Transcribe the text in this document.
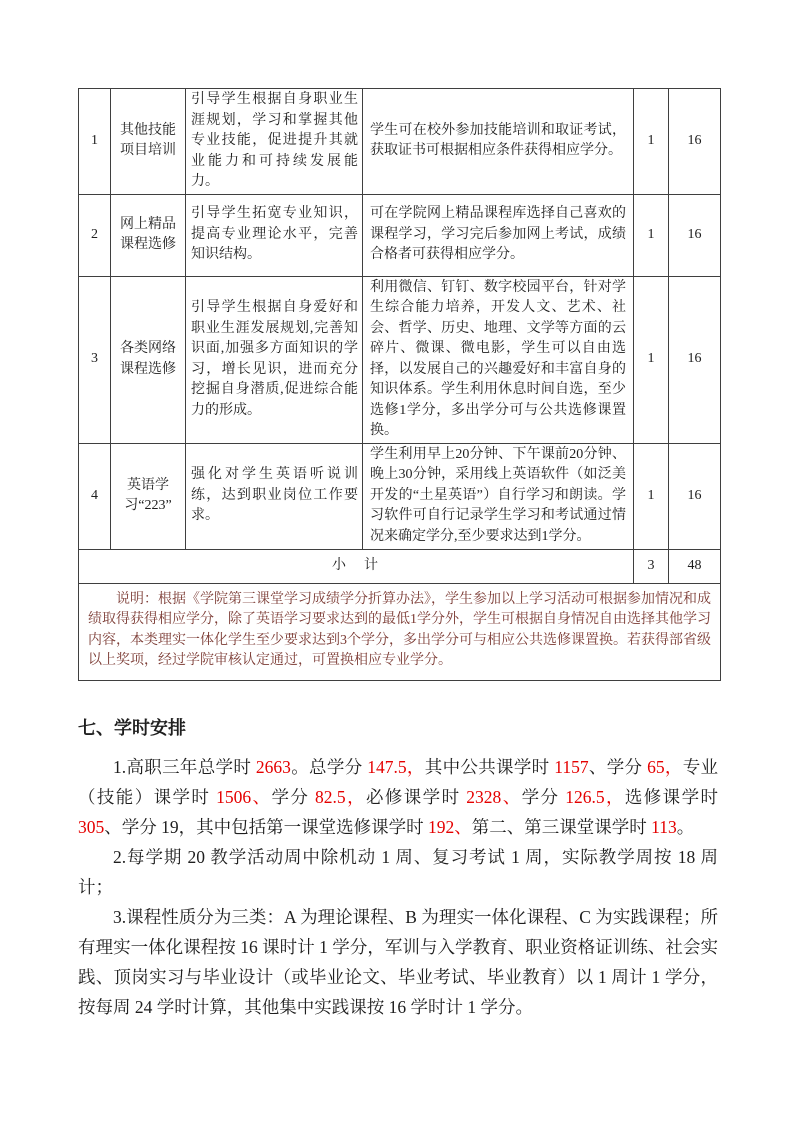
1	其他技能项目培训	引导学生根据自身职业生涯规划，学习和掌握其他专业技能，促进提升其就业能力和可持续发展能力。	学生可在校外参加技能培训和取证考试，获取证书可根据相应条件获得相应学分。	1	16
2	网上精品课程选修	引导学生拓宽专业知识，提高专业理论水平，完善知识结构。	可在学院网上精品课程库选择自己喜欢的课程学习，学习完后参加网上考试，成绩合格者可获得相应学分。	1	16
3	各类网络课程选修	引导学生根据自身爱好和职业生涯发展规划,完善知识面,加强多方面知识的学习，增长见识，进而充分挖掘自身潜质,促进综合能力的形成。	利用微信、钉钉、数字校园平台，针对学生综合能力培养，开发人文、艺术、社会、哲学、历史、地理、文学等方面的云碎片、微课、微电影，学生可以自由选择，以发展自己的兴趣爱好和丰富自身的知识体系。学生利用休息时间自选，至少选修1学分，多出学分可与公共选修课置换。	1	16
4	英语学习“223”	强化对学生英语听说训练，达到职业岗位工作要求。	学生利用早上20分钟、下午课前20分钟、晚上30分钟，采用线上英语软件（如泛美开发的“土星英语”）自行学习和朗读。学习软件可自行记录学生学习和考试通过情况来确定学分,至少要求达到1学分。	1	16
小　计				3	48
说明：根据《学院第三课堂学习成绩学分折算办法》，学生参加以上学习活动可根据参加情况和成绩取得获得相应学分，除了英语学习要求达到的最低1学分外，学生可根据自身情况自由选择其他学习内容，本类理实一体化学生至少要求达到3个学分，多出学分可与相应公共选修课置换。若获得部省级以上奖项，经过学院审核认定通过，可置换相应专业学分。					
七、学时安排

1.高职三年总学时 2663。总学分 147.5，其中公共课学时 1157、学分 65，专业（技能）课学时 1506、学分 82.5，必修课学时 2328、学分 126.5，选修课学时 305、学分 19，其中包括第一课堂选修课学时 192、第二、第三课堂课学时 113。

2.每学期 20 教学活动周中除机动 1 周、复习考试 1 周，实际教学周按 18 周计；

3.课程性质分为三类：A 为理论课程、B 为理实一体化课程、C 为实践课程；所有理实一体化课程按 16 课时计 1 学分，军训与入学教育、职业资格证训练、社会实践、顶岗实习与毕业设计（或毕业论文、毕业考试、毕业教育）以 1 周计 1 学分，按每周 24 学时计算，其他集中实践课按 16 学时计 1 学分。
